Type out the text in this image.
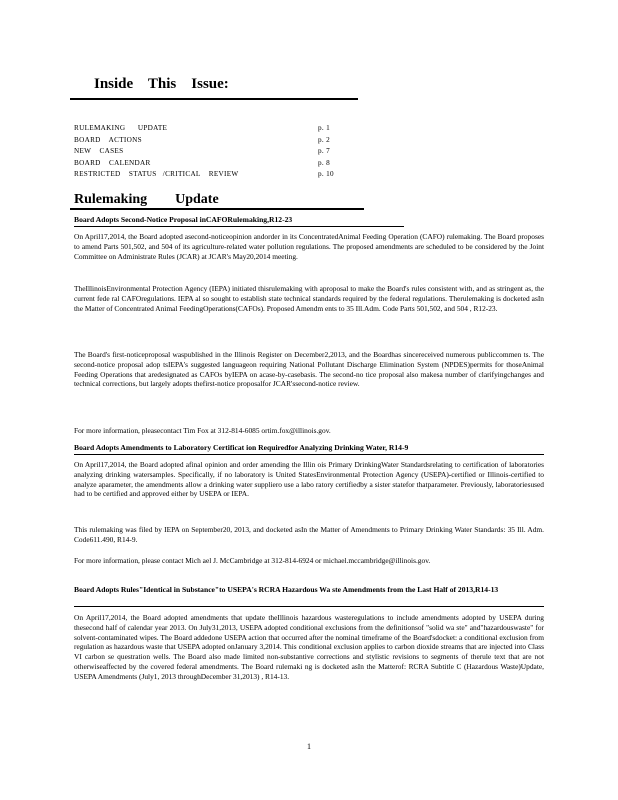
Inside    This    Issue:
RULEMAKING      UPDATE	p. 1
BOARD    ACTIONS	p. 2
NEW    CASES	p. 7
BOARD    CALENDAR	p. 8
RESTRICTED    STATUS   /CRITICAL    REVIEW	p. 10
Rulemaking        Update
Board Adopts Second-Notice Proposal inCAFORulemaking,R12-23
On April17,2014, the Board adopted asecond-noticeopinion andorder in its ConcentratedAnimal Feeding Operation (CAFO) rulemaking. The Board proposes to amend Parts 501,502, and 504 of its agriculture-related water pollution regulations. The proposed amendments are scheduled to be considered by the Joint Committee on Administrate Rules (JCAR) at JCAR's May20,2014 meeting.
TheIllinoisEnvironmental Protection Agency (IEPA) initiated thisrulemaking with aproposal to make the Board's rules consistent with, and as stringent as, the current fede ral CAFOregulations. IEPA al so sought to establish state technical standards required by the federal regulations. Therulemaking is docketed asIn the Matter of Concentrated Animal FeedingOperations(CAFOs). Proposed Amendm ents to 35 Ill.Adm. Code Parts 501,502, and 504 , R12-23.
The Board's first-noticeproposal waspublished in the Illinois Register on December2,2013, and the Boardhas sincereceived numerous publiccommen ts. The second-notice proposal adop tsIEPA's suggested languageon requiring National Pollutant Discharge Elimination System (NPDES)permits for thoseAnimal Feeding Operations that aredesignated as CAFOs byIEPA on acase-by-casebasis. The second-no tice proposal also makesa number of clarifyingchanges and technical corrections, but largely adopts thefirst-notice proposalfor JCAR'ssecond-notice review.
For more information, pleasecontact Tim Fox at 312-814-6085 ortim.fox@illinois.gov.
Board Adopts Amendments to Laboratory Certificat ion Requiredfor Analyzing Drinking Water, R14-9
On April17,2014, the Board adopted afinal opinion and order amending the Illin ois Primary DrinkingWater Standardsrelating to certification of laboratories analyzing drinking watersamples. Specifically, if no laboratory is United StatesEnvironmental Protection Agency (USEPA)-certified or Illinois-certified to analyze aparameter, the amendments allow a drinking water suppliero use a labo ratory certifiedby a sister statefor thatparameter. Previously, laboratoriesused had to be certified and approved either by USEPA or IEPA.
This rulemaking was filed by IEPA on September20, 2013, and docketed asIn the Matter of Amendments to Primary Drinking Water Standards: 35 Ill. Adm. Code611.490, R14-9.
For more information, please contact Mich ael J. McCambridge at 312-814-6924 or michael.mccambridge@illinois.gov.
Board Adopts Rules"Identical in Substance"to USEPA's RCRA Hazardous Wa ste Amendments from the Last Half of 2013,R14-13
On April17,2014, the Board adopted amendments that update theIllinois hazardous wasteregulations to include amendments adopted by USEPA during thesecond half of calendar year 2013. On July31,2013, USEPA adopted conditional exclusions from the definitionsof "solid wa ste" and"hazardouswaste" for solvent-contaminated wipes. The Board addedone USEPA action that occurred after the nominal timeframe of the Board'sdocket: a conditional exclusion from regulation as hazardous waste that USEPA adopted onJanuary 3,2014. This conditional exclusion applies to carbon dioxide streams that are injected into Class VI carbon se questration wells. The Board also made limited non-substantive corrections and stylistic revisions to segments of therule text that are not otherwiseaffected by the covered federal amendments. The Board rulemaki ng is docketed asIn the Matterof: RCRA Subtitle C (Hazardous Waste)Update, USEPA Amendments (July1, 2013 throughDecember 31,2013) , R14-13.
1
